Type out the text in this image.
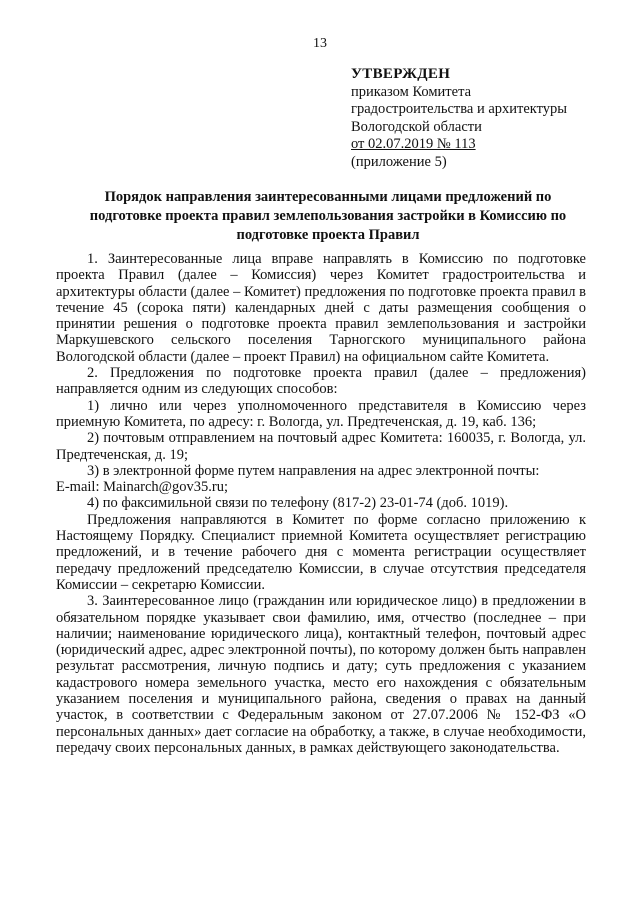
13
УТВЕРЖДЕН
приказом Комитета
градостроительства и архитектуры
Вологодской области
от 02.07.2019 № 113
(приложение 5)
Порядок направления заинтересованными лицами предложений по подготовке проекта правил землепользования застройки в Комиссию по подготовке проекта Правил

1. Заинтересованные лица вправе направлять в Комиссию по подготовке проекта Правил (далее – Комиссия) через Комитет градостроительства и архитектуры области (далее – Комитет) предложения по подготовке проекта правил в течение 45 (сорока пяти) календарных дней с даты размещения сообщения о принятии решения о подготовке проекта правил землепользования и застройки Маркушевского сельского поселения Тарногского муниципального района Вологодской области (далее – проект Правил) на официальном сайте Комитета.

2. Предложения по подготовке проекта правил (далее – предложения) направляется одним из следующих способов:

1) лично или через уполномоченного представителя в Комиссию через приемную Комитета, по адресу: г. Вологда, ул. Предтеченская, д. 19, каб. 136;

2) почтовым отправлением на почтовый адрес Комитета: 160035, г. Вологда, ул. Предтеченская, д. 19;

3) в электронной форме путем направления на адрес электронной почты:

E-mail: Mainarch@gov35.ru;

4) по факсимильной связи по телефону (817-2) 23-01-74 (доб. 1019).

Предложения направляются в Комитет по форме согласно приложению к Настоящему Порядку. Специалист приемной Комитета осуществляет регистрацию предложений, и в течение рабочего дня с момента регистрации осуществляет передачу предложений председателю Комиссии, в случае отсутствия председателя Комиссии – секретарю Комиссии.

3. Заинтересованное лицо (гражданин или юридическое лицо) в предложении в обязательном порядке указывает свои фамилию, имя, отчество (последнее – при наличии; наименование юридического лица), контактный телефон, почтовый адрес (юридический адрес, адрес электронной почты), по которому должен быть направлен результат рассмотрения, личную подпись и дату; суть предложения с указанием кадастрового номера земельного участка, место его нахождения с обязательным указанием поселения и муниципального района, сведения о правах на данный участок, в соответствии с Федеральным законом от 27.07.2006 № 152-ФЗ «О персональных данных» дает согласие на обработку, а также, в случае необходимости, передачу своих персональных данных, в рамках действующего законодательства.
